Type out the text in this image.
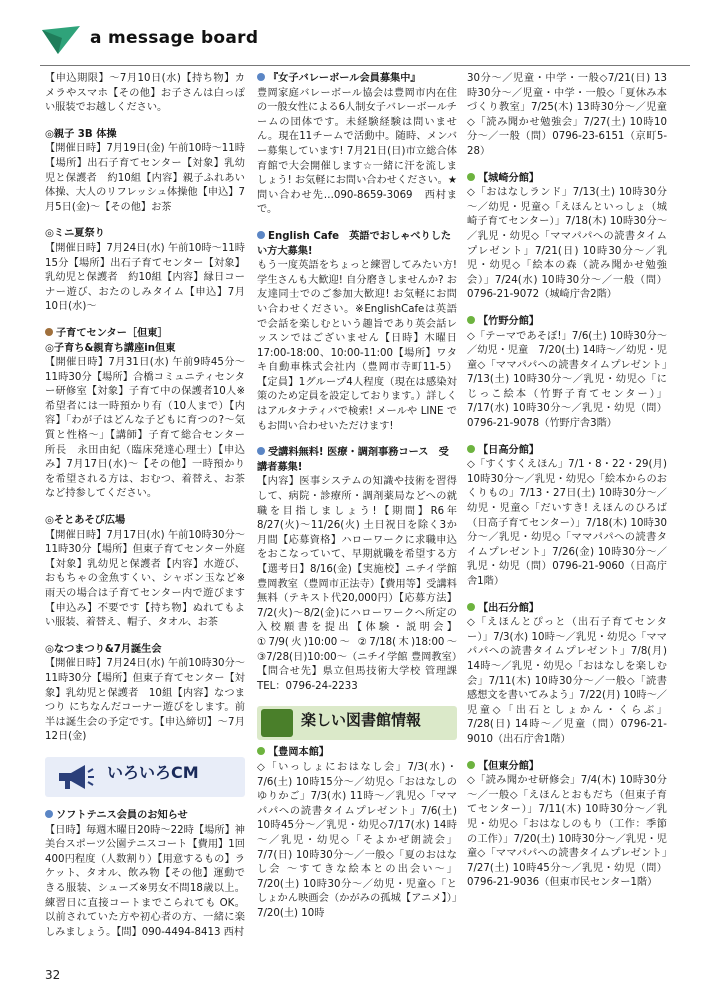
a message board
【申込期限】～7月10日(水)【持ち物】カメラやスマホ【その他】お子さんは白っぽい服装でお越しください。
◎親子 3B 体操
【開催日時】7月19日(金) 午前10時～11時【場所】出石子育てセンター【対象】乳幼児と保護者　約10組【内容】親子ふれあい体操、大人のリフレッシュ体操他【申込】7月5日(金)～【その他】お茶
◎ミニ夏祭り
【開催日時】7月24日(水) 午前10時～11時15分【場所】出石子育てセンター【対象】乳幼児と保護者　約10組【内容】縁日コーナー遊び、おたのしみタイム【申込】7月10日(水)～
子育てセンター［但東］
◎子育ち&親育ち講座in但東
【開催日時】7月31日(水) 午前9時45分～11時30分【場所】合橋コミュニティセンター研修室【対象】子育て中の保護者10人※希望者には一時預かり有（10人まで）【内容】「わが子はどんな子どもに育つの?～気質と性格～」【講師】子育て総合センター　所長　永田由紀（臨床発達心理士）【申込み】7月17日(水)～【その他】一時預かりを希望される方は、おむつ、着替え、お茶など持参してください。
◎そとあそび広場
【開催日時】7月17日(水) 午前10時30分～11時30分【場所】但東子育てセンター外庭【対象】乳幼児と保護者【内容】水遊び、おもちゃの金魚すくい、シャボン玉など※雨天の場合は子育てセンター内で遊びます【申込み】不要です【持ち物】ぬれてもよい服装、着替え、帽子、タオル、お茶
◎なつまつり&7月誕生会
【開催日時】7月24日(水) 午前10時30分～11時30分【場所】但東子育てセンター【対象】乳幼児と保護者　10組【内容】なつまつり にちなんだコーナー遊びをします。前半は誕生会の予定です。【申込締切】～7月12日(金)
いろいろCM
ソフトテニス会員のお知らせ
【日時】毎週木曜日20時～22時【場所】神美台スポーツ公園テニスコート【費用】1回400円程度（人数割り）【用意するもの】ラケット、タオル、飲み物【その他】運動できる服装、シューズ※男女不問18歳以上。練習日に直接コートまでこられても OK。以前されていた方や初心者の方、一緒に楽しみましょう。【問】090-4494-8413 西村
『女子バレーボール会員募集中』
豊岡家庭バレーボール協会は豊岡市内在住の一般女性による6人制女子バレーボールチームの団体です。未経験経験は問いません。現在11チームで活動中。随時、メンバー募集しています! 7月21日(日)市立総合体育館で大会開催します☆一緒に汗を流しましょう! お気軽にお問い合わせください。★問い合わせ先…090-8659-3069　西村まで。
English Cafe　英語でおしゃべりしたい方大募集!
もう一度英語をちょっと練習してみたい方! 学生さんも大歓迎! 自分磨きしませんか? お友達同士でのご参加大歓迎! お気軽にお問い合わせください。※EnglishCafeは英語で会話を楽しむという趣旨であり英会話レッスンではございません【日時】木曜日17:00-18:00、10:00-11:00【場所】ワタキ自動車株式会社内（豊岡市寺町11-5）【定員】1グループ4人程度（現在は感染対策のため定員を設定しております。）詳しくはアルタナティバで検索! メールや LINE でもお問い合わせいただけます!
受講料無料! 医療・調剤事務コース　受講者募集!
【内容】医事システムの知識や技術を習得して、病院・診療所・調剤薬局などへの就職を目指しましょう!【期間】R6年8/27(火)～11/26(火) 土日祝日を除く3か月間【応募資格】ハローワークに求職申込をおこなっていて、早期就職を希望する方【選考日】8/16(金)【実施校】ニチイ学館　豊岡教室（豊岡市正法寺）【費用等】受講料無料（テキスト代20,000円）【応募方法】7/2(火)～8/2(金)にハローワークへ所定の入校願書を提出【体験・説明会】①7/9(火)10:00～ ②7/18(木)18:00～ ③7/28(日)10:00～（ニチイ学館 豊岡教室）【問合せ先】県立但馬技術大学校 管理課 TEL：0796-24-2233
楽しい図書館情報
【豊岡本館】
◇「いっしょにおはなし会」7/3(水)・7/6(土) 10時15分～／幼児◇「おはなしのゆりかご」7/3(水) 11時～／乳児◇「ママパパへの読書タイムプレゼント」7/6(土) 10時45分～／乳児・幼児◇7/17(水) 14時～／乳児・幼児◇「そよかぜ朗読会」7/7(日) 10時30分～／一般◇「夏のおはなし会 ～すてきな絵本との出会い～」7/20(土) 10時30分～／幼児・児童◇「としょかん映画会（かがみの孤城【アニメ】）」7/20(土) 10時
30分～／児童・中学・一般◇7/21(日) 13時30分～／児童・中学・一般◇「夏休み本づくり教室」7/25(木) 13時30分～／児童◇「読み聞かせ勉強会」7/27(土) 10時10分～／一般（問）0796-23-6151（京町5-28）
【城崎分館】
◇「おはなしランド」7/13(土) 10時30分～／幼児・児童◇「えほんといっしょ（城崎子育てセンター）」7/18(木) 10時30分～／乳児・幼児◇「ママパパへの読書タイムプレゼント」7/21(日) 10時30分～／乳児・幼児◇「絵本の森（読み聞かせ勉強会）」7/24(水) 10時30分～／一般（問）0796-21-9072（城崎庁舎2階）
【竹野分館】
◇「テーマであそぼ!」7/6(土) 10時30分～／幼児・児童　7/20(土) 14時～／幼児・児童◇「ママパパへの読書タイムプレゼント」7/13(土) 10時30分～／乳児・幼児◇「にじっこ絵本（竹野子育てセンター）」7/17(水) 10時30分～／乳児・幼児（問）0796-21-9078（竹野庁舎3階）
【日高分館】
◇「すくすくえほん」7/1・8・22・29(月) 10時30分～／乳児・幼児◇「絵本からのおくりもの」7/13・27日(土) 10時30分～／幼児・児童◇「だいすき! えほんのひろば（日高子育てセンター）」7/18(木) 10時30分～／乳児・幼児◇「ママパパへの読書タイムプレゼント」7/26(金) 10時30分～／乳児・幼児（問）0796-21-9060（日高庁舎1階）
【出石分館】
◇「えほんとぴっと（出石子育てセンター）」7/3(水) 10時～／乳児・幼児◇「ママパパへの読書タイムプレゼント」7/8(月) 14時～／乳児・幼児◇「おはなしを楽しむ会」7/11(木) 10時30分～／一般◇「読書感想文を書いてみよう」7/22(月) 10時～／児童◇「出石としょかん・くらぶ」7/28(日) 14時～／児童（問）0796-21-9010（出石庁舎1階）
【但東分館】
◇「読み聞かせ研修会」7/4(木) 10時30分～／一般◇「えほんとおもだち（但東子育てセンター）」7/11(木) 10時30分～／乳児・幼児◇「おはなしのもり（工作：季節の工作）」7/20(土) 10時30分～／乳児・児童◇「ママパパへの読書タイムプレゼント」7/27(土) 10時45分～／乳児・幼児（問）0796-21-9036（但東市民センター1階）
32
